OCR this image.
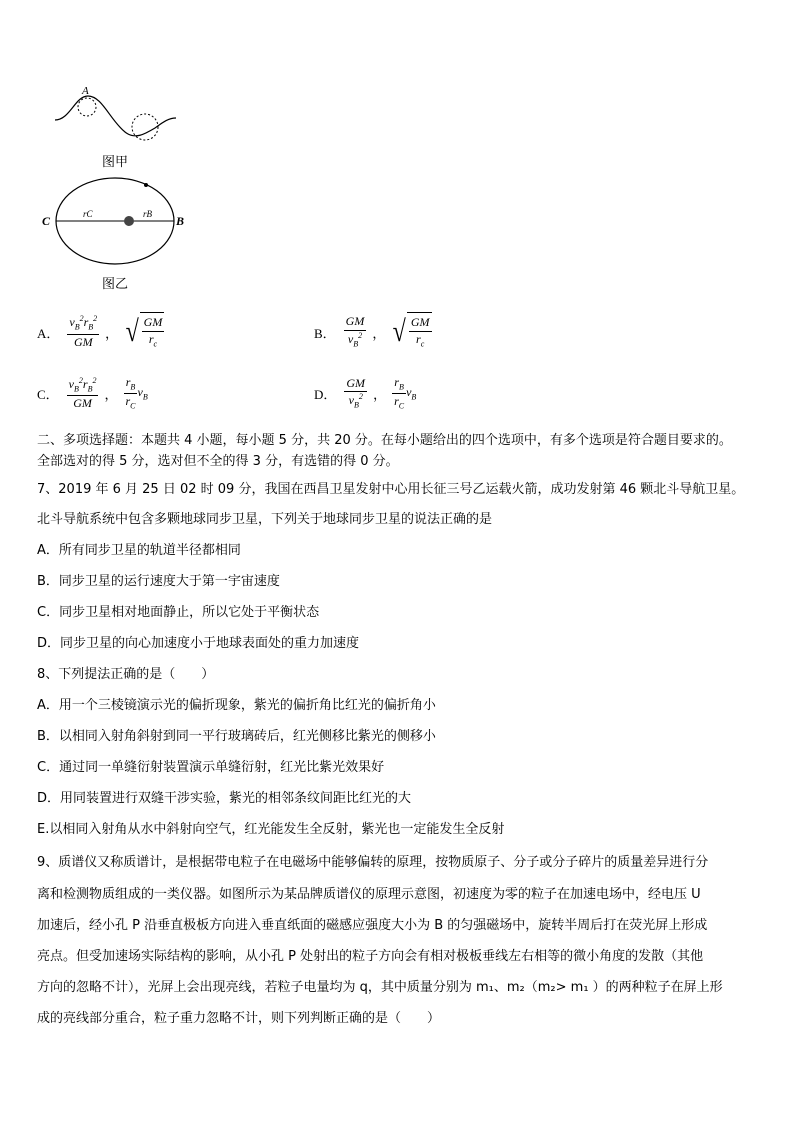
A
图甲
C	B
rC	rB
图乙
A． $\frac{v_B^2r_B^2}{GM}$ ， √ $\frac{GM}{r_c}$	B． $\frac{GM}{v_B^2}$ ， √ $\frac{GM}{r_c}$
C． $\frac{v_B^2r_B^2}{GM}$ ， $\frac{r_B}{r_C} v_B$	D． $\frac{GM}{v_B^2}$ ， $\frac{r_B}{r_C} v_B$
二、多项选择题：本题共 4 小题，每小题 5 分，共 20 分。在每小题给出的四个选项中，有多个选项是符合题目要求的。
全部选对的得 5 分，选对但不全的得 3 分，有选错的得 0 分。
7、2019 年 6 月 25 日 02 时 09 分，我国在西昌卫星发射中心用长征三号乙运载火箭，成功发射第 46 颗北斗导航卫星。
北斗导航系统中包含多颗地球同步卫星，下列关于地球同步卫星的说法正确的是
A．所有同步卫星的轨道半径都相同
B．同步卫星的运行速度大于第一宇宙速度
C．同步卫星相对地面静止，所以它处于平衡状态
D．同步卫星的向心加速度小于地球表面处的重力加速度
8、下列提法正确的是（　　）
A．用一个三棱镜演示光的偏折现象，紫光的偏折角比红光的偏折角小
B．以相同入射角斜射到同一平行玻璃砖后，红光侧移比紫光的侧移小
C．通过同一单缝衍射装置演示单缝衍射，红光比紫光效果好
D．用同装置进行双缝干涉实验，紫光的相邻条纹间距比红光的大
E.以相同入射角从水中斜射向空气，红光能发生全反射，紫光也一定能发生全反射
9、质谱仪又称质谱计，是根据带电粒子在电磁场中能够偏转的原理，按物质原子、分子或分子碎片的质量差异进行分
离和检测物质组成的一类仪器。如图所示为某品牌质谱仪的原理示意图，初速度为零的粒子在加速电场中，经电压 U
加速后，经小孔 P 沿垂直极板方向进入垂直纸面的磁感应强度大小为 B 的匀强磁场中，旋转半周后打在荧光屏上形成
亮点。但受加速场实际结构的影响，从小孔 P 处射出的粒子方向会有相对极板垂线左右相等的微小角度的发散（其他
方向的忽略不计），光屏上会出现亮线，若粒子电量均为 q，其中质量分别为 m₁、m₂（m₂> m₁ ）的两种粒子在屏上形
成的亮线部分重合，粒子重力忽略不计，则下列判断正确的是（　　）
